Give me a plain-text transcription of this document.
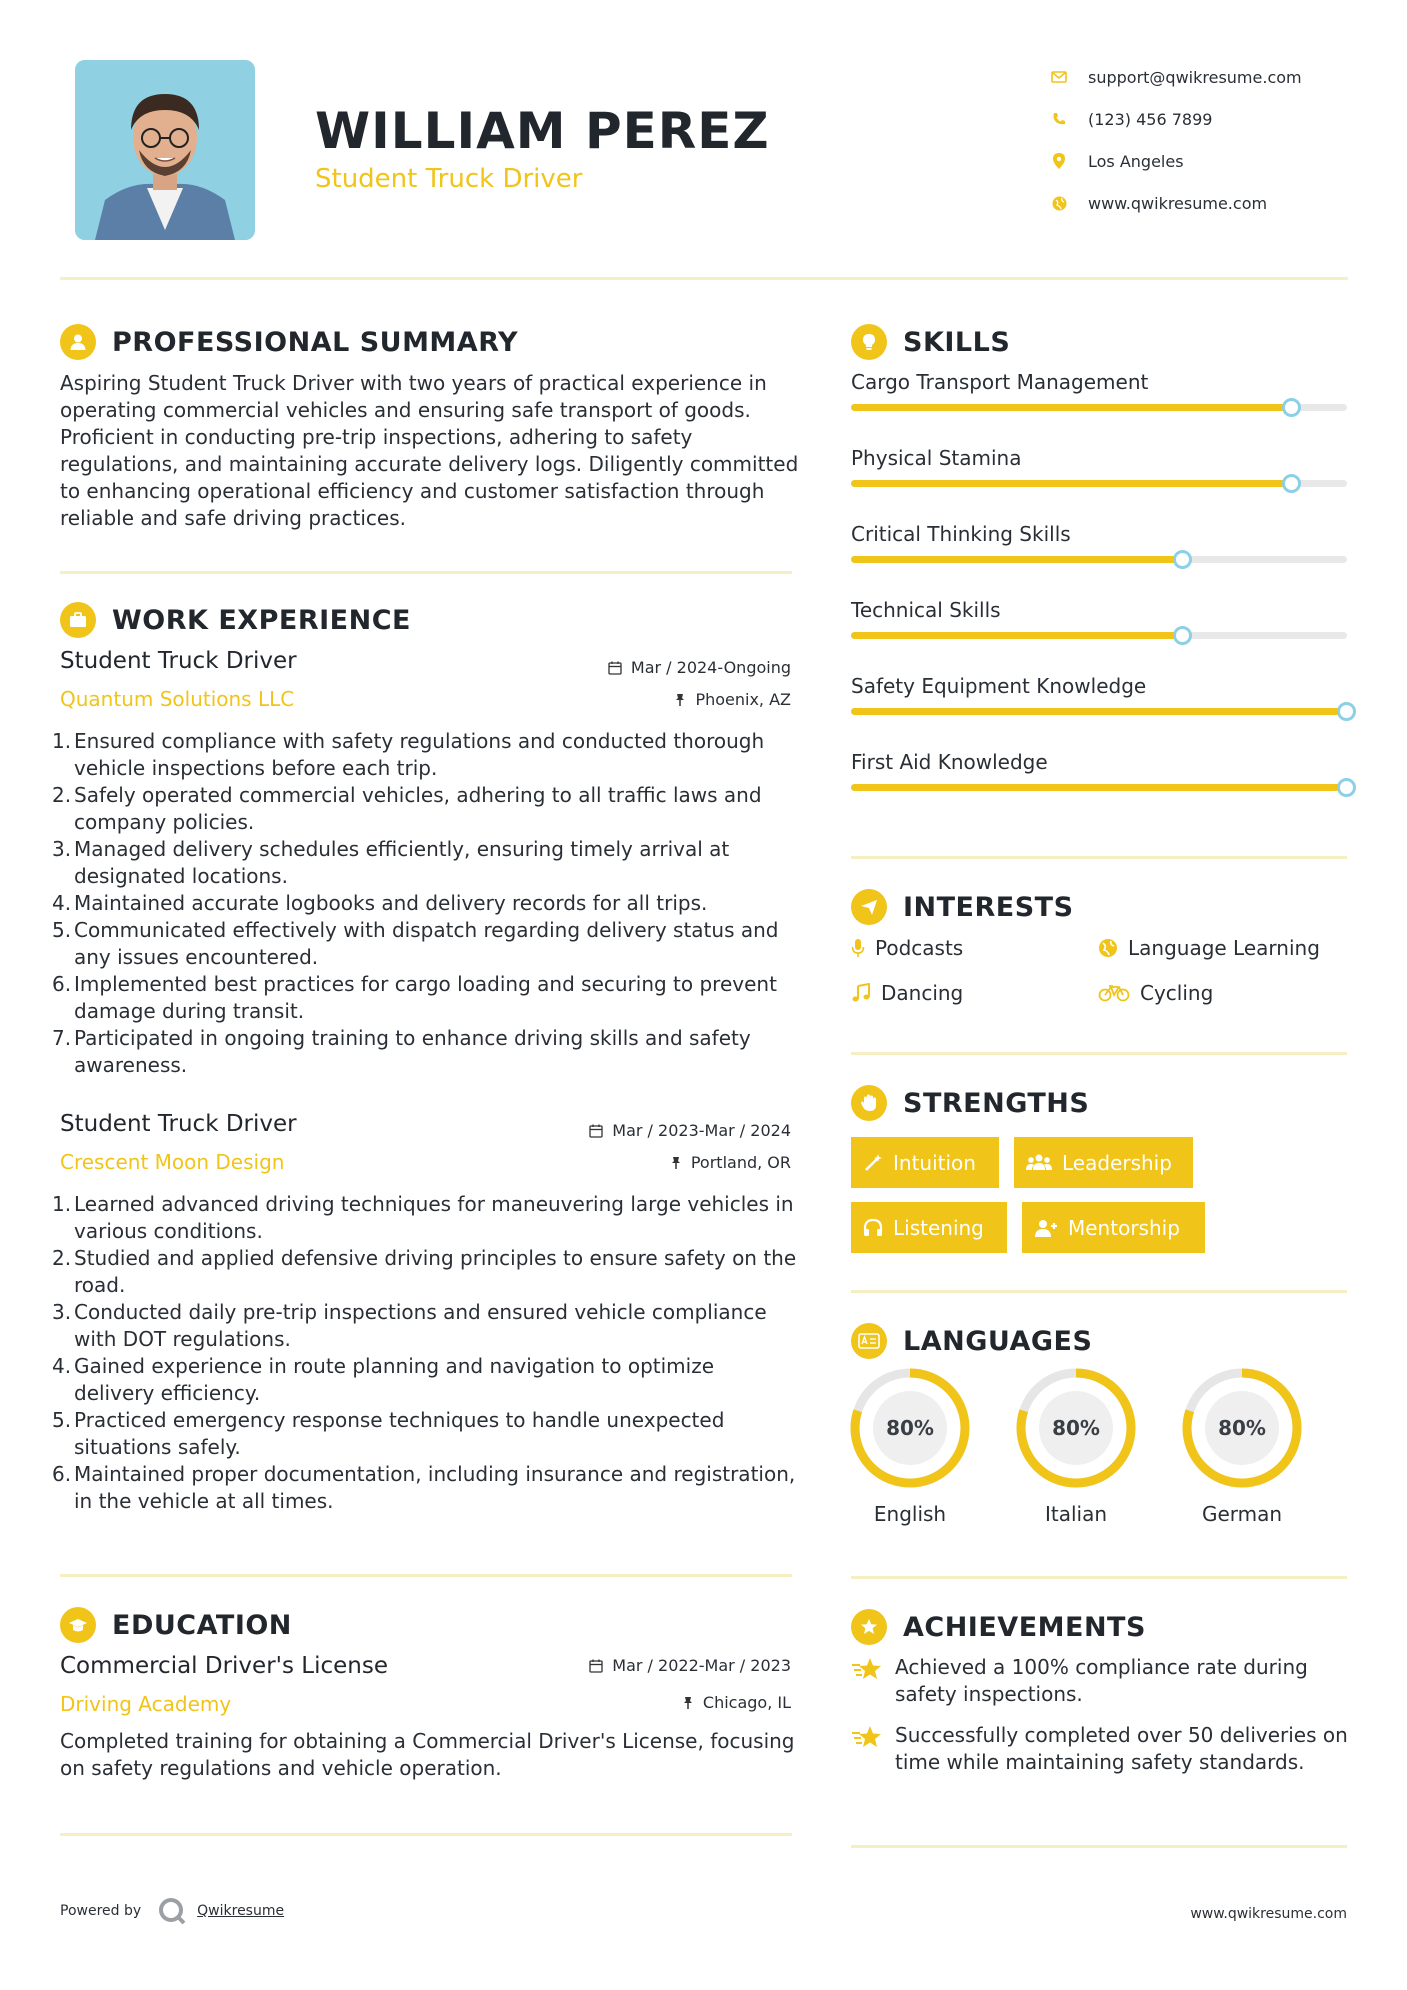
WILLIAM PEREZ
Student Truck Driver
support@qwikresume.com
(123) 456 7899
Los Angeles
www.qwikresume.com
PROFESSIONAL SUMMARY
Aspiring Student Truck Driver with two years of practical experience in operating commercial vehicles and ensuring safe transport of goods. Proficient in conducting pre-trip inspections, adhering to safety regulations, and maintaining accurate delivery logs. Diligently committed to enhancing operational efficiency and customer satisfaction through reliable and safe driving practices.
WORK EXPERIENCE
Student Truck Driver
Quantum Solutions LLC
Mar / 2024-Ongoing
Phoenix, AZ
1. Ensured compliance with safety regulations and conducted thorough vehicle inspections before each trip.
2. Safely operated commercial vehicles, adhering to all traffic laws and company policies.
3. Managed delivery schedules efficiently, ensuring timely arrival at designated locations.
4. Maintained accurate logbooks and delivery records for all trips.
5. Communicated effectively with dispatch regarding delivery status and any issues encountered.
6. Implemented best practices for cargo loading and securing to prevent damage during transit.
7. Participated in ongoing training to enhance driving skills and safety awareness.
Student Truck Driver
Crescent Moon Design
Mar / 2023-Mar / 2024
Portland, OR
1. Learned advanced driving techniques for maneuvering large vehicles in various conditions.
2. Studied and applied defensive driving principles to ensure safety on the road.
3. Conducted daily pre-trip inspections and ensured vehicle compliance with DOT regulations.
4. Gained experience in route planning and navigation to optimize delivery efficiency.
5. Practiced emergency response techniques to handle unexpected situations safely.
6. Maintained proper documentation, including insurance and registration, in the vehicle at all times.
EDUCATION
Commercial Driver's License
Driving Academy
Mar / 2022-Mar / 2023
Chicago, IL
Completed training for obtaining a Commercial Driver's License, focusing on safety regulations and vehicle operation.
SKILLS
Cargo Transport Management
Physical Stamina
Critical Thinking Skills
Technical Skills
Safety Equipment Knowledge
First Aid Knowledge
INTERESTS
Podcasts	Language Learning
Dancing	Cycling
STRENGTHS
Intuition	Leadership
Listening	Mentorship
LANGUAGES
80%
English
80%
Italian
80%
German
ACHIEVEMENTS
Achieved a 100% compliance rate during safety inspections.
Successfully completed over 50 deliveries on time while maintaining safety standards.
Powered by	Qwikresume	www.qwikresume.com
